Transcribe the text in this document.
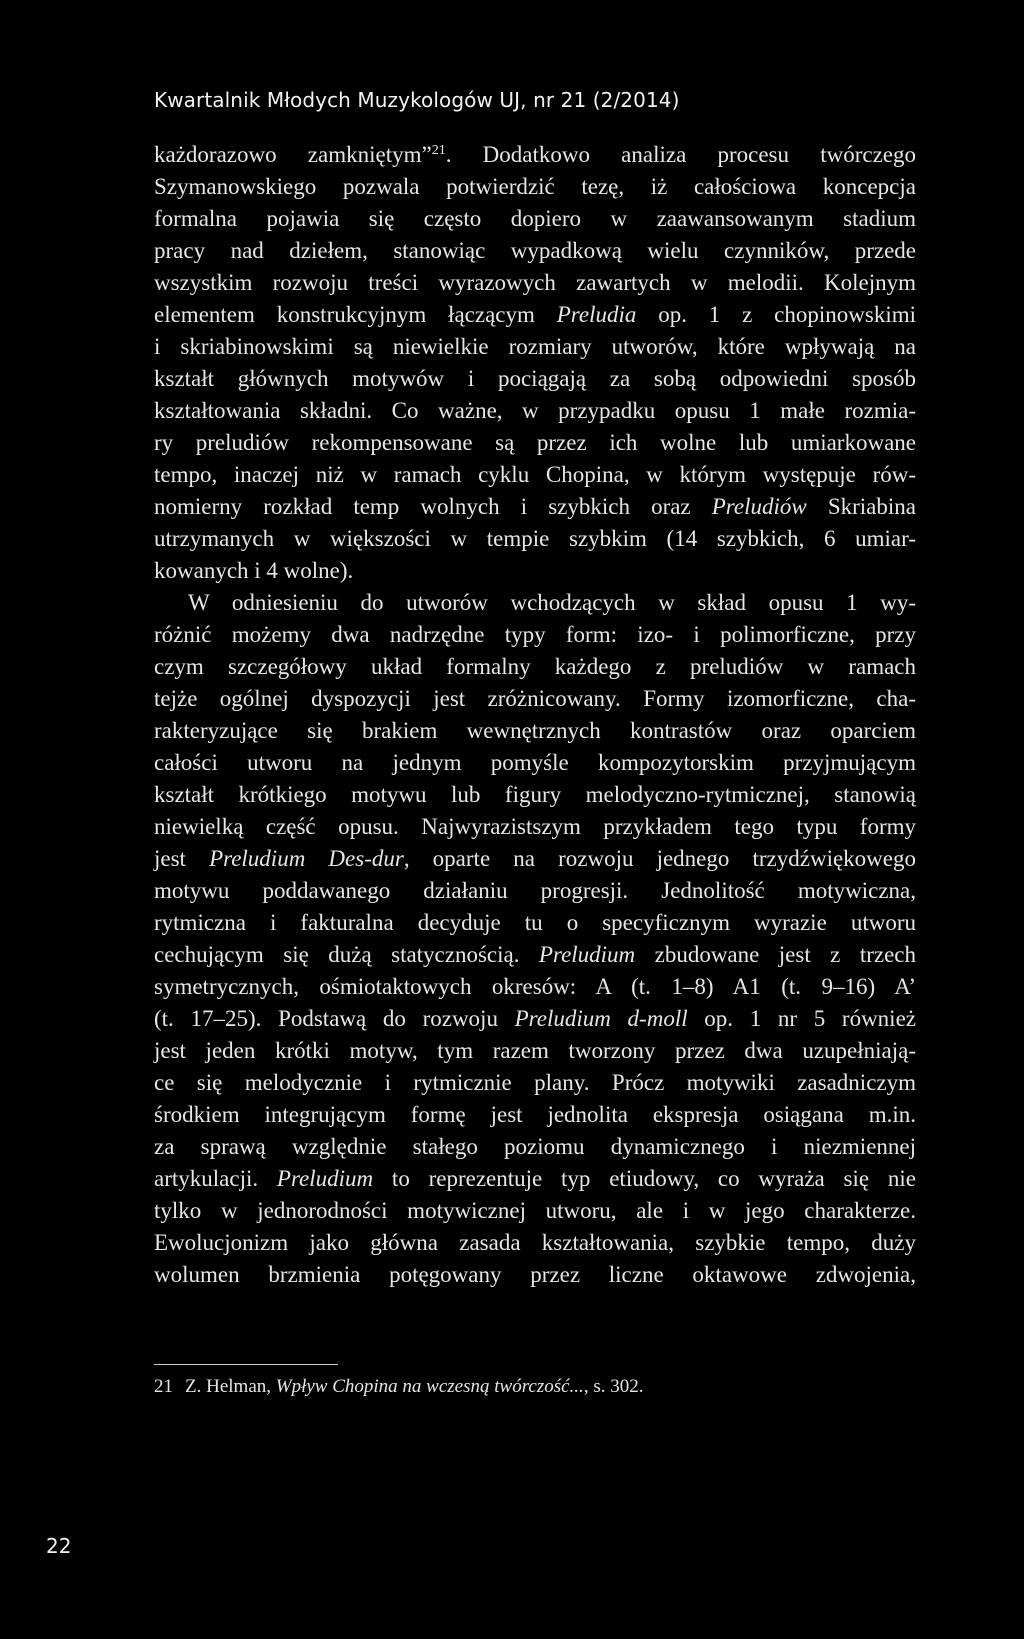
Kwartalnik Młodych Muzykologów UJ, nr 21 (2/2014)
każdorazowo zamkniętym”$^{21}$. Dodatkowo analiza procesu twórczego
Szymanowskiego pozwala potwierdzić tezę, iż całościowa koncepcja
formalna pojawia się często dopiero w zaawansowanym stadium
pracy nad dziełem, stanowiąc wypadkową wielu czynników, przede
wszystkim rozwoju treści wyrazowych zawartych w melodii. Kolejnym
elementem konstrukcyjnym łączącym Preludia op. 1 z chopinowskimi
i skriabinowskimi są niewielkie rozmiary utworów, które wpływają na
kształt głównych motywów i pociągają za sobą odpowiedni sposób
kształtowania składni. Co ważne, w przypadku opusu 1 małe rozmia-
ry preludiów rekompensowane są przez ich wolne lub umiarkowane
tempo, inaczej niż w ramach cyklu Chopina, w którym występuje rów-
nomierny rozkład temp wolnych i szybkich oraz Preludiów Skriabina
utrzymanych w większości w tempie szybkim (14 szybkich, 6 umiar-
kowanych i 4 wolne).
W odniesieniu do utworów wchodzących w skład opusu 1 wy-
różnić możemy dwa nadrzędne typy form: izo- i polimorficzne, przy
czym szczegółowy układ formalny każdego z preludiów w ramach
tejże ogólnej dyspozycji jest zróżnicowany. Formy izomorficzne, cha-
rakteryzujące się brakiem wewnętrznych kontrastów oraz oparciem
całości utworu na jednym pomyśle kompozytorskim przyjmującym
kształt krótkiego motywu lub figury melodyczno-rytmicznej, stanowią
niewielką część opusu. Najwyrazistszym przykładem tego typu formy
jest Preludium Des-dur, oparte na rozwoju jednego trzydźwiękowego
motywu poddawanego działaniu progresji. Jednolitość motywiczna,
rytmiczna i fakturalna decyduje tu o specyficznym wyrazie utworu
cechującym się dużą statycznością. Preludium zbudowane jest z trzech
symetrycznych, ośmiotaktowych okresów: A (t. 1–8) A1 (t. 9–16) A’
(t. 17–25). Podstawą do rozwoju Preludium d-moll op. 1 nr 5 również
jest jeden krótki motyw, tym razem tworzony przez dwa uzupełniają-
ce się melodycznie i rytmicznie plany. Prócz motywiki zasadniczym
środkiem integrującym formę jest jednolita ekspresja osiągana m.in.
za sprawą względnie stałego poziomu dynamicznego i niezmiennej
artykulacji. Preludium to reprezentuje typ etiudowy, co wyraża się nie
tylko w jednorodności motywicznej utworu, ale i w jego charakterze.
Ewolucjonizm jako główna zasada kształtowania, szybkie tempo, duży
wolumen brzmienia potęgowany przez liczne oktawowe zdwojenia,
21 Z. Helman, Wpływ Chopina na wczesną twórczość..., s. 302.
22
